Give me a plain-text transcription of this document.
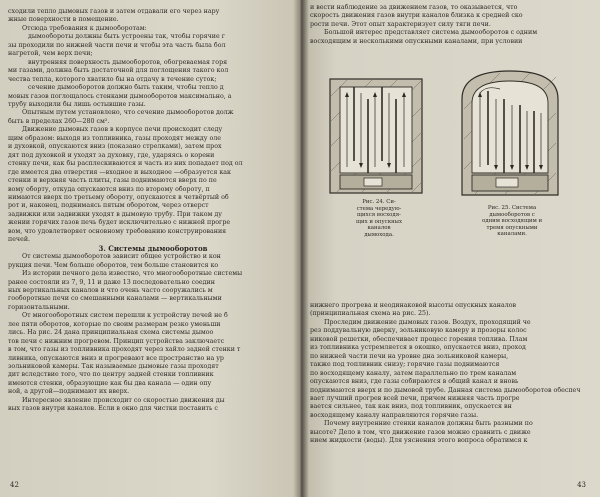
сходили тепло дымовых газов и затем отдавали его через нару

жные поверхности в помещение.

Отсюда требования к дымооборотам:

дымообороты должны быть устроены так, чтобы горячие г

зы проходили по нижней части печи и чтобы эта часть была бол

нагретой, чем верх печи;

внутренняя поверхность дымооборотов, обогреваемая горя

ми газами, должна быть достаточной для поглощения такого кол

чества тепла, которого хватило бы на отдачу в течение суток;

сечение дымооборотов должно быть таким, чтобы тепло д

мовых газов поглощалось стенками дымооборотов максимально, а

трубу выходили бы лишь остывшие газы.

Опытным путем установлено, что сечение дымооборотов долж

быть в пределах 260—280 см².

Движение дымовых газов в корпусе печи происходит следу

щим образом: выходя из топливника, газы проходят между оле

и духовкой, опускаются вниз (показано стрелками), затем прох

дят под духовкой и уходят за духовку, где, ударяясь о корени

стенку печи, как бы расплескиваются и часть из них попадает под ол

где имеется два отверстия —входное и выходное —образуется как

стенки и верхняя часть плиты, газы поднимаются вверх по пе

вому оборту, откуда опускаются вниз по второму обороту, п

нимаются вверх по третьему обороту, опускаются в четвёртый об

рот и, наконец, поднимаясь пятым оборотом, через отверст

задвижки или задвижки уходят в дымовую трубу. При таком ду

жении горячих газов печь будет исключительно с нижней прогре

вом, что удовлетворяет основному требованию конструирования

печей.

3. Системы дымооборотов

От системы дымооборотов зависит общее устройство и кон

рукция печи. Чем больше оборотов, тем больше становится ко

Из истории печного дела известно, что многооборотные системы

ранее состояли из 7, 9, 11 и даже 13 последовательно соедин

ных вертикальных каналов и что очень часто сооружались м

гооборотные печи со смешанными каналами — вертикальными

горизонтальными.

От многооборотных систем перешли к устройству печей не б

лее пяти оборотов, которые по своим размерам резко уменьши

лись. На рис. 24 дана принципиальная схема системы дымоо

тов печи с нижним прогревом. Принцип устройства заключаетс

в том, что газы из топливника проходят через хайло задней стенки т

ливника, опускаются вниз и прогревают все пространство на ур

зольниковой камеры. Так называемые дымовые газы проходят

дит вследствие того, что по центру задней стенки топливник

имеются стенки, образующие как бы два канала — один опу

ной, а другой—поднимают их вверх.

Интересное явление происходит со скоростью движения ды

вых газов внутри каналов. Если в окно для чистки поставить с

42

и вести наблюдение за движением газов, то оказывается, что

скорость движения газов внутри каналов близка к средней ско

рости печи. Этот опыт характеризует силу тяги печи.

Большой интерес представляет система дымооборотов с одним

восходящим и несколькими опускными каналами, при условии

Рис. 24. Си-
стема чередую-
щихся восходя-
щих и опускных
каналов
дымохода.
Рис. 25. Система
дымооборотов с
одним восходящим и
тремя опускными
каналами.

нижнего прогрева и неодинаковой высоты опускных каналов

(принципиальная схема на рис. 25).

Проследим движение дымовых газов. Воздух, проходящий че

рез поддувальную дверку, зольниковую камеру и прозоры колос

никовой решетки, обеспечивает процесс горения топлива. Плам

из топливника устремляется в окошко, опускается вниз, проход

по нижней части печи на уровне дна зольниковой камеры,

также под топливник снизу; горячие газы поднимаются

по восходящему каналу, затем параллельно по трем каналам

опускаются вниз, где газы собираются в общий канал и вновь

поднимаются вверх и по дымовой трубе. Данная система дымооборотов обеспеч

вает лучший прогрев всей печи, причем нижняя часть прогре

вается сильнее, так как вниз, под топливник, опускается вн

восходящему каналу направляются горячие газы.

Почему внутренние стенки каналов должны быть разными по

высоте? Дело в том, что движение газов можно сравнить с движе

нием жидкости (воды). Для уяснения этого вопроса обратимся к

43
